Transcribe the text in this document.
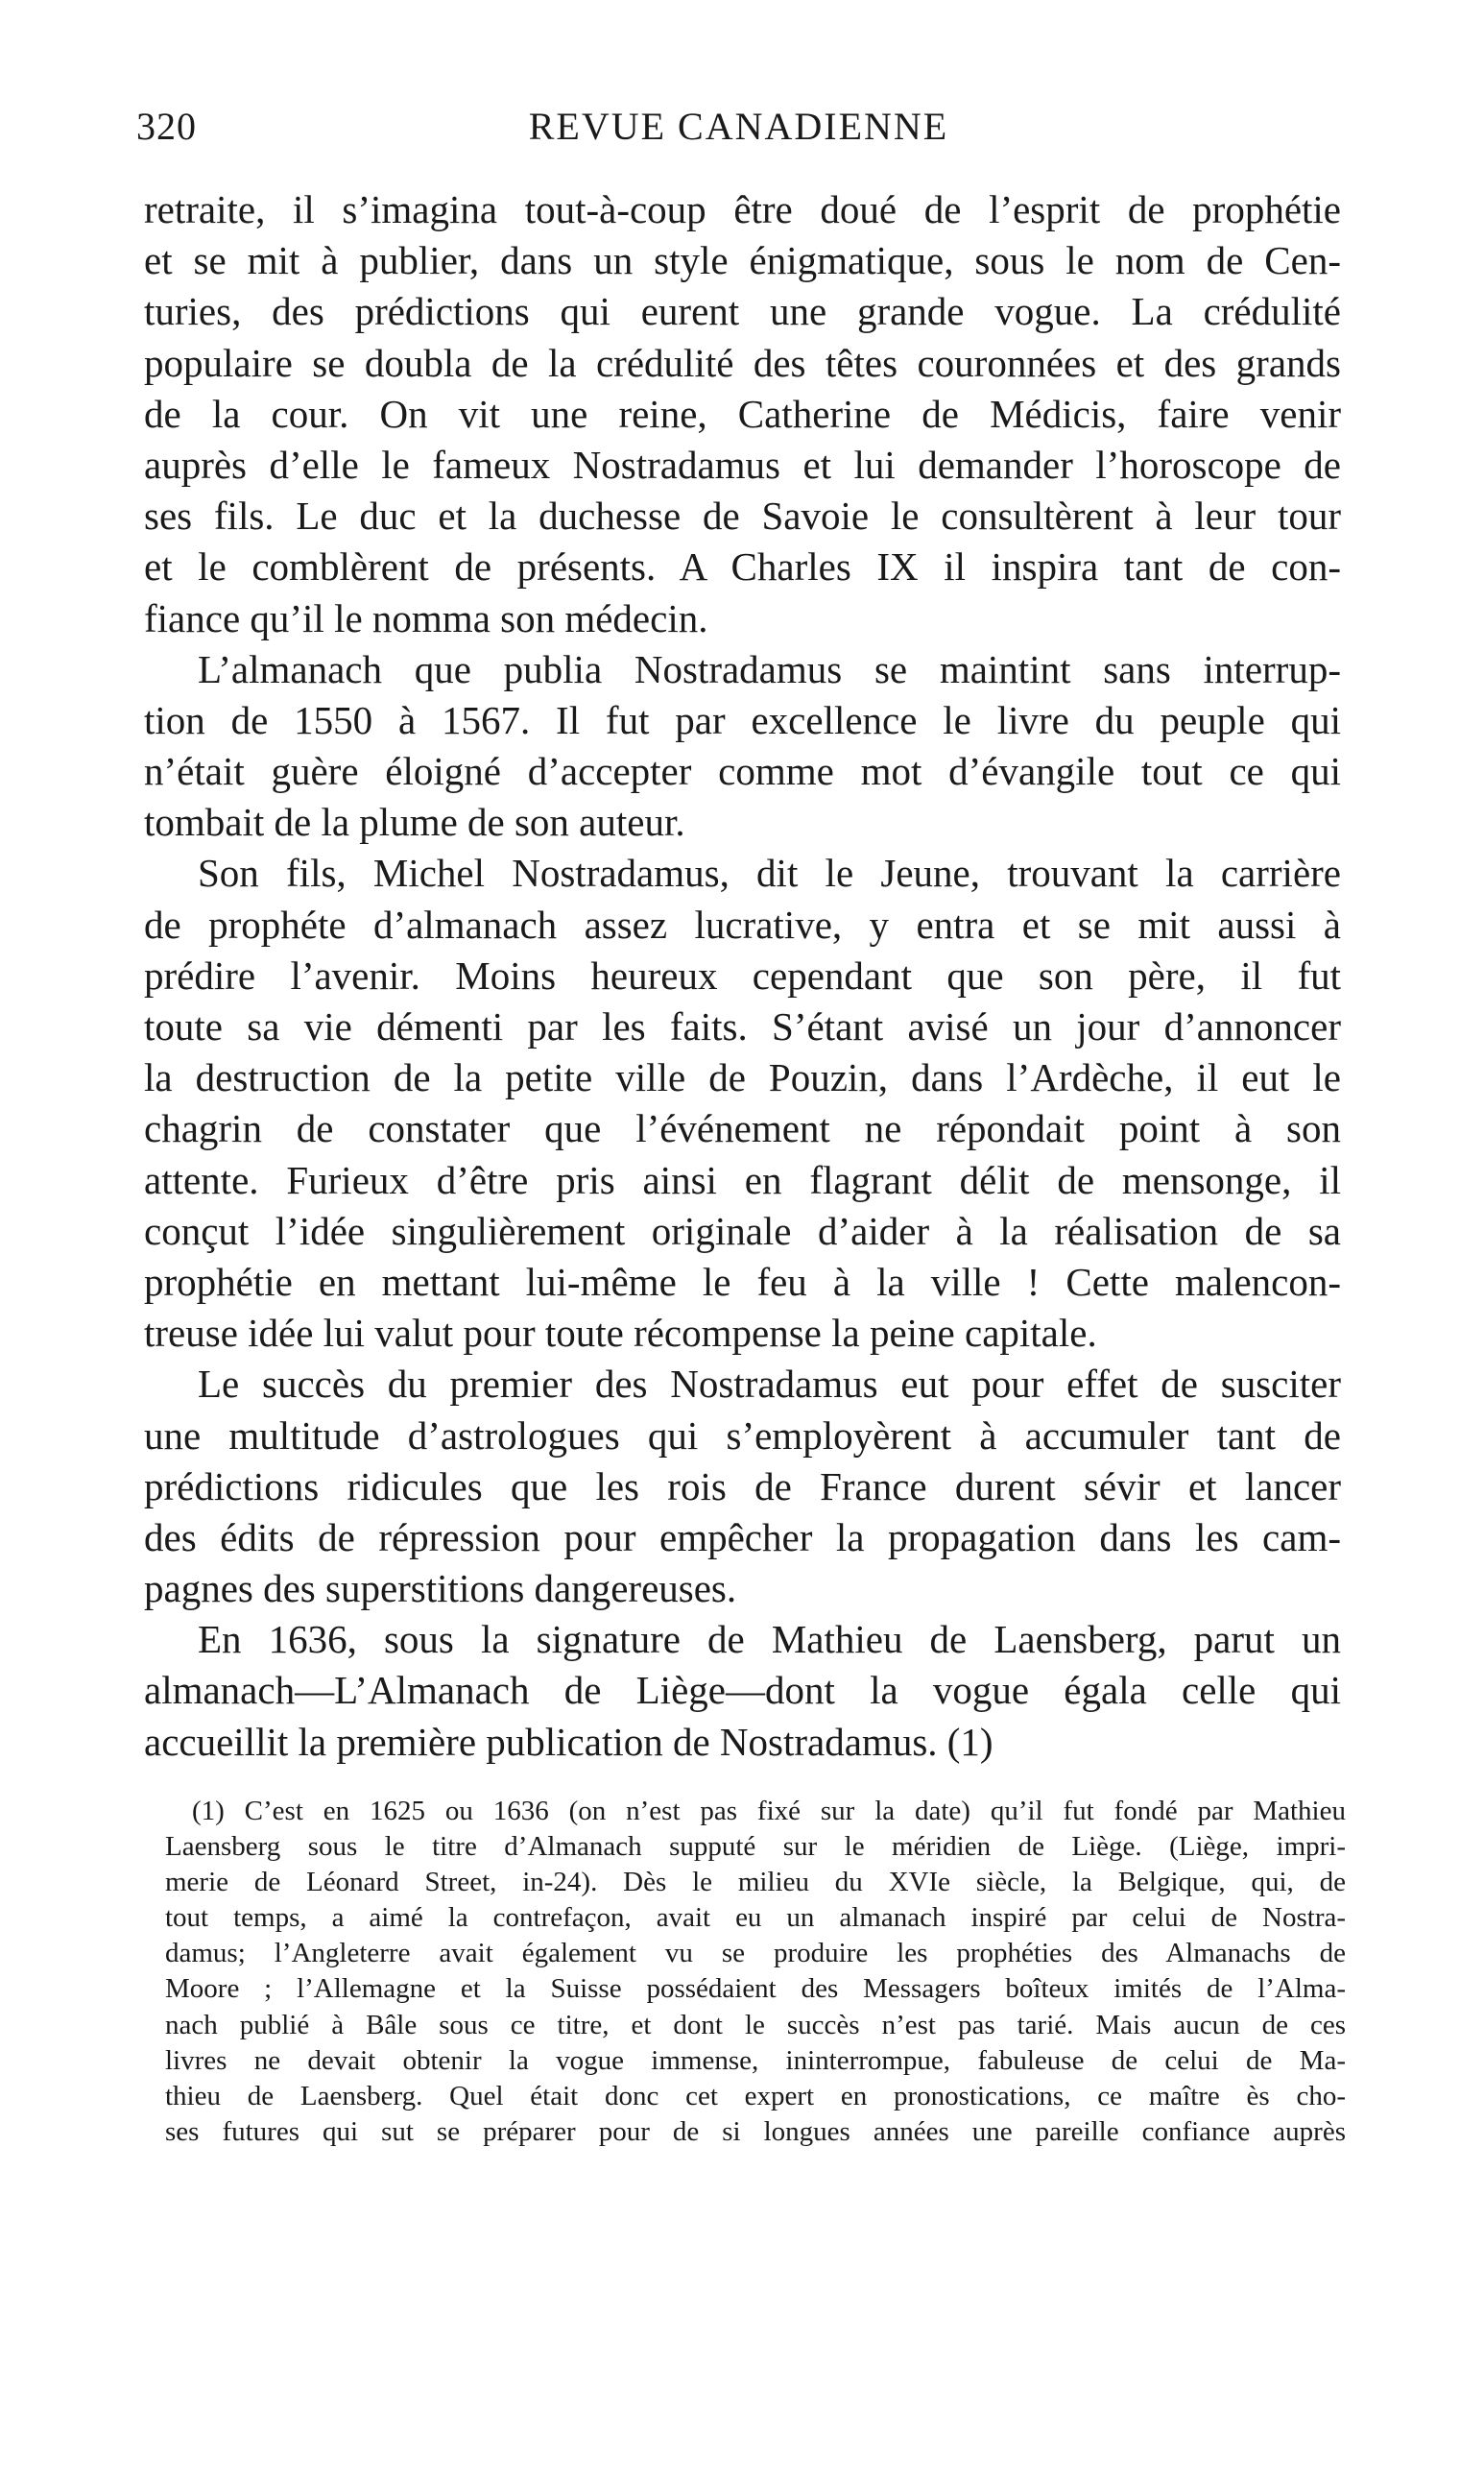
320	REVUE CANADIENNE
retraite, il s’imagina tout-à-coup être doué de l’esprit de prophétie
et se mit à publier, dans un style énigmatique, sous le nom de Cen-
turies, des prédictions qui eurent une grande vogue. La crédulité
populaire se doubla de la crédulité des têtes couronnées et des grands
de la cour. On vit une reine, Catherine de Médicis, faire venir
auprès d’elle le fameux Nostradamus et lui demander l’horoscope de
ses fils. Le duc et la duchesse de Savoie le consultèrent à leur tour
et le comblèrent de présents. A Charles IX il inspira tant de con-
fiance qu’il le nomma son médecin.
L’almanach que publia Nostradamus se maintint sans interrup-
tion de 1550 à 1567. Il fut par excellence le livre du peuple qui
n’était guère éloigné d’accepter comme mot d’évangile tout ce qui
tombait de la plume de son auteur.
Son fils, Michel Nostradamus, dit le Jeune, trouvant la carrière
de prophéte d’almanach assez lucrative, y entra et se mit aussi à
prédire l’avenir. Moins heureux cependant que son père, il fut
toute sa vie démenti par les faits. S’étant avisé un jour d’annoncer
la destruction de la petite ville de Pouzin, dans l’Ardèche, il eut le
chagrin de constater que l’événement ne répondait point à son
attente. Furieux d’être pris ainsi en flagrant délit de mensonge, il
conçut l’idée singulièrement originale d’aider à la réalisation de sa
prophétie en mettant lui-même le feu à la ville ! Cette malencon-
treuse idée lui valut pour toute récompense la peine capitale.
Le succès du premier des Nostradamus eut pour effet de susciter
une multitude d’astrologues qui s’employèrent à accumuler tant de
prédictions ridicules que les rois de France durent sévir et lancer
des édits de répression pour empêcher la propagation dans les cam-
pagnes des superstitions dangereuses.
En 1636, sous la signature de Mathieu de Laensberg, parut un
almanach—L’Almanach de Liège—dont la vogue égala celle qui
accueillit la première publication de Nostradamus. (1)
(1) C’est en 1625 ou 1636 (on n’est pas fixé sur la date) qu’il fut fondé par Mathieu
Laensberg sous le titre d’Almanach supputé sur le méridien de Liège. (Liège, impri-
merie de Léonard Street, in-24). Dès le milieu du XVIe siècle, la Belgique, qui, de
tout temps, a aimé la contrefaçon, avait eu un almanach inspiré par celui de Nostra-
damus; l’Angleterre avait également vu se produire les prophéties des Almanachs de
Moore ; l’Allemagne et la Suisse possédaient des Messagers boîteux imités de l’Alma-
nach publié à Bâle sous ce titre, et dont le succès n’est pas tarié. Mais aucun de ces
livres ne devait obtenir la vogue immense, ininterrompue, fabuleuse de celui de Ma-
thieu de Laensberg. Quel était donc cet expert en pronostications, ce maître ès cho-
ses futures qui sut se préparer pour de si longues années une pareille confiance auprès
